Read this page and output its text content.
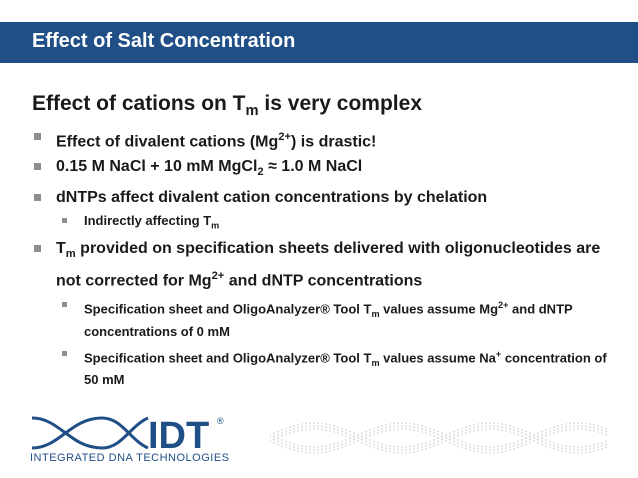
Effect of Salt Concentration
Effect of cations on $T_m$ is very complex
Effect of divalent cations $(Mg^{2+})$ is drastic!
0.15 M NaCl + 10 mM MgCl$_2$ ≈ 1.0 M NaCl
dNTPs affect divalent cation concentrations by chelation
Indirectly affecting $T_m$
$T_m$ provided on specification sheets delivered with oligonucleotides are not corrected for $Mg^{2+}$ and dNTP concentrations
Specification sheet and OligoAnalyzer® Tool $T_m$ values assume $Mg^{2+}$ and dNTP concentrations of 0 mM
Specification sheet and OligoAnalyzer® Tool $T_m$ values assume Na+ concentration of 50 mM
IDT ®
INTEGRATED DNA TECHNOLOGIES
